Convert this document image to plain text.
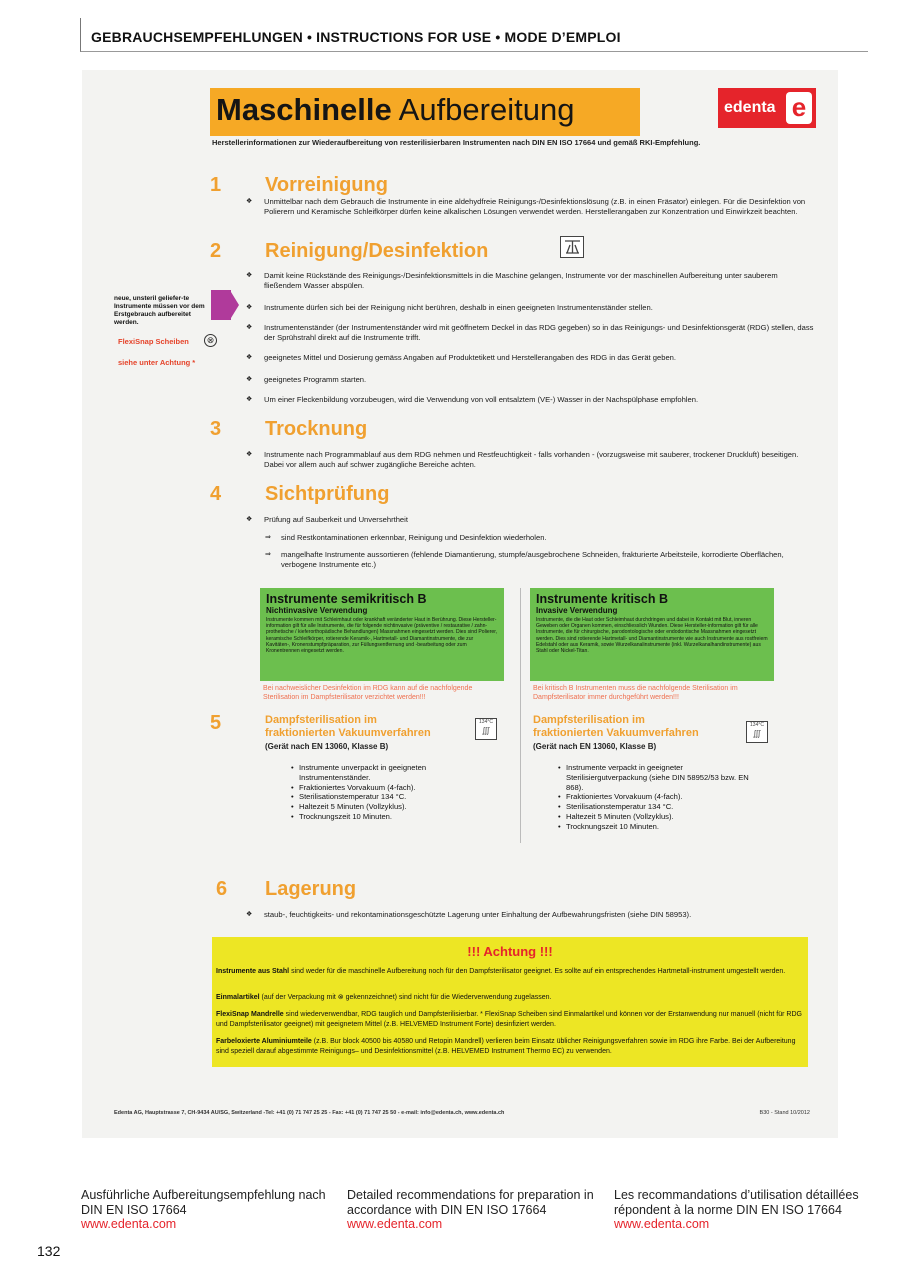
GEBRAUCHSEMPFEHLUNGEN • INSTRUCTIONS FOR USE • MODE D’EMPLOI
Maschinelle Aufbereitung	edenta e
Herstellerinformationen zur Wiederaufbereitung von resterilisierbaren Instrumenten nach DIN EN ISO 17664 und gemäß RKI-Empfehlung.
1 Vorreinigung
❖ Unmittelbar nach dem Gebrauch die Instrumente in eine aldehydfreie Reinigungs-/Desinfektionslösung (z.B. in einen Fräsator) einlegen. Für die Desinfektion von Polierern und Keramische Schleifkörper dürfen keine alkalischen Lösungen verwendet werden. Herstellerangaben zur Konzentration und Einwirkzeit beachten.
2 Reinigung/Desinfektion
❖ Damit keine Rückstände des Reinigungs-/Desinfektionsmittels in die Maschine gelangen, Instrumente vor der maschinellen Aufbereitung unter sauberem fließendem Wasser abspülen.
❖ Instrumente dürfen sich bei der Reinigung nicht berühren, deshalb in einen geeigneten Instrumentenständer stellen.
❖ Instrumentenständer (der Instrumentenständer wird mit geöffnetem Deckel in das RDG gegeben) so in das Reinigungs- und Desinfektionsgerät (RDG) stellen, dass der Sprühstrahl direkt auf die Instrumente trifft.
❖ geeignetes Mittel und Dosierung gemäss Angaben auf Produktetikett und Herstellerangaben des RDG in das Gerät geben.
❖ geeignetes Programm starten.
❖ Um einer Fleckenbildung vorzubeugen, wird die Verwendung von voll entsalztem (VE-) Wasser in der Nachspülphase empfohlen.
neue, unsteril geliefer-te Instrumente müssen vor dem Erstgebrauch aufbereitet werden.
FlexiSnap Scheiben	⊗
siehe unter Achtung *
3 Trocknung
❖ Instrumente nach Programmablauf aus dem RDG nehmen und Restfeuchtigkeit - falls vorhanden - (vorzugsweise mit sauberer, trockener Druckluft) beseitigen. Dabei vor allem auch auf schwer zugängliche Bereiche achten.
4 Sichtprüfung
❖ Prüfung auf Sauberkeit und Unversehrtheit
⇒ sind Restkontaminationen erkennbar, Reinigung und Desinfektion wiederholen.
⇒ mangelhafte Instrumente aussortieren (fehlende Diamantierung, stumpfe/ausgebrochene Schneiden, frakturierte Arbeitsteile, korrodierte Oberflächen, verbogene Instrumente etc.)
Instrumente semikritisch B
Nichtinvasive Verwendung
Instrumente kommen mit Schleimhaut oder krankhaft veränderter Haut in Berührung. Diese Hersteller-information gilt für alle Instrumente, die für folgende nichtinvasive (präventive / restaurative / zahn-prothetische / kieferorthopädische Behandlungen) Massnahmen eingesetzt werden. Dies sind Polierer, keramische Schleifkörper, rotierende Keramik-, Hartmetall- und Diamantinstrumente, die zur Kavitäten-, Kronenstumpfpräparation, zur Füllungsentfernung und -bearbeitung oder zum Kronentrennen eingesetzt werden.
Instrumente kritisch B
Invasive Verwendung
Instrumente, die die Haut oder Schleimhaut durchdringen und dabei in Kontakt mit Blut, inneren Geweben oder Organen kommen, einschliesslich Wunden. Diese Hersteller-information gilt für alle Instrumente, die für chirurgische, parodontologische oder endodontische Massnahmen eingesetzt werden. Dies sind rotierende Hartmetall- und Diamantinstrumente wie auch Instrumente aus rostfreiem Edelstahl oder aus Keramik, sowie Wurzelkanalinstrumente (inkl. Wurzelkanalhandinstrumente) aus Stahl oder Nickel-Titan.
Bei nachweislicher Desinfektion im RDG kann auf die nachfolgende Sterilisation im Dampfsterilisator verzichtet werden!!!
Bei kritisch B Instrumenten muss die nachfolgende Sterilisation im Dampfsterilisator immer durchgeführt werden!!!
5	Dampfsterilisation im
fraktionierten Vakuumverfahren
134°C
∭
(Gerät nach EN 13060, Klasse B)
• Instrumente unverpackt in geeigneten Instrumentenständer.
• Fraktioniertes Vorvakuum (4-fach).
• Sterilisationstemperatur 134 °C.
• Haltezeit 5 Minuten (Vollzyklus).
• Trocknungszeit 10 Minuten.
Dampfsterilisation im
fraktionierten Vakuumverfahren
134°C
∭
(Gerät nach EN 13060, Klasse B)
• Instrumente verpackt in geeigneter Sterilisiergutverpackung (siehe DIN 58952/53 bzw. EN 868).
• Fraktioniertes Vorvakuum (4-fach).
• Sterilisationstemperatur 134 °C.
• Haltezeit 5 Minuten (Vollzyklus).
• Trocknungszeit 10 Minuten.
6 Lagerung
❖ staub-, feuchtigkeits- und rekontaminationsgeschützte Lagerung unter Einhaltung der Aufbewahrungsfristen (siehe DIN 58953).
!!! Achtung !!!
Instrumente aus Stahl sind weder für die maschinelle Aufbereitung noch für den Dampfsterilisator geeignet. Es sollte auf ein entsprechendes Hartmetall-instrument umgestellt werden.
Einmalartikel (auf der Verpackung mit ⊗ gekennzeichnet) sind nicht für die Wiederverwendung zugelassen.
FlexiSnap Mandrelle sind wiederverwendbar, RDG tauglich und Dampfsterilisierbar. * FlexiSnap Scheiben sind Einmalartikel und können vor der Erstanwendung nur manuell (nicht für RDG und Dampfsterilisator geeignet) mit geeignetem Mittel (z.B. HELVEMED Instrument Forte) desinfiziert werden.
Farbeloxierte Aluminiumteile (z.B. Bur block 40500 bis 40580 und Retopin Mandrell) verlieren beim Einsatz üblicher Reinigungsverfahren sowie im RDG ihre Farbe. Bei der Aufbereitung sind speziell darauf abgestimmte Reinigungs– und Desinfektionsmittel (z.B. HELVEMED Instrument Thermo EC) zu verwenden.
Edenta AG, Hauptstrasse 7, CH-9434 AU/SG, Switzerland -Tel: +41 (0) 71 747 25 25 - Fax: +41 (0) 71 747 25 50 - e-mail: info@edenta.ch, www.edenta.ch	B30 - Stand 10/2012
Ausführliche Aufbereitungsempfehlung nach DIN EN ISO 17664
www.edenta.com
Detailed recommendations for preparation in accordance with DIN EN ISO 17664
www.edenta.com
Les recommandations d’utilisation détaillées répondent à la norme DIN EN ISO 17664
www.edenta.com
132
